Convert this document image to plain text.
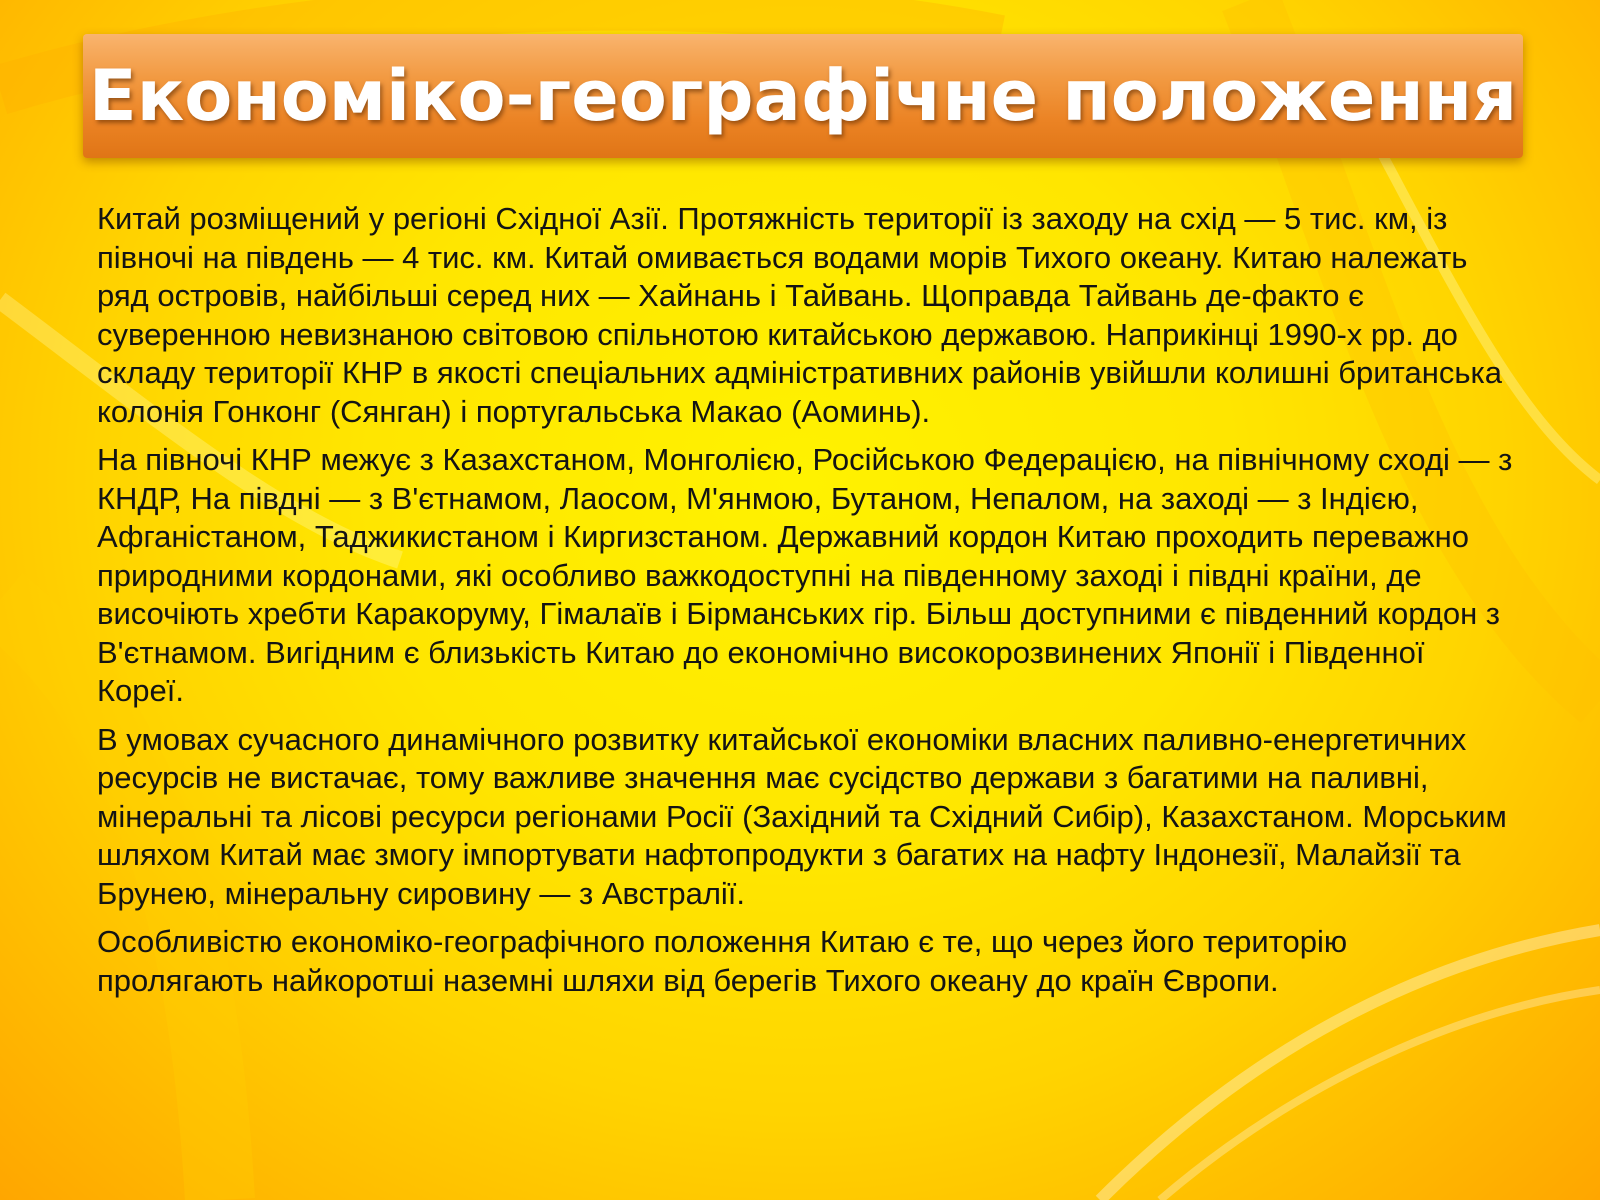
Економіко-географічне положення

Китай розміщений у регіоні Східної Азії. Протяжність території із заходу на схід — 5 тис. км, із півночі на південь — 4 тис. км. Китай омивається водами морів Тихого океану. Китаю належать ряд островів, найбільші серед них — Хайнань і Тайвань. Щоправда Тайвань де-факто є суверенною невизнаною світовою спільнотою китайською державою. Наприкінці 1990-х рр. до складу території КНР в якості спеціальних адміністративних районів увійшли колишні британська колонія Гонконг (Сянган) і португальська Макао (Аоминь).

На півночі КНР межує з Казахстаном, Монголією, Російською Федерацією, на північному сході — з КНДР, На півдні — з В'єтнамом, Лаосом, М'янмою, Бутаном, Непалом, на заході — з Індією, Афганістаном, Таджикистаном і Киргизстаном. Державний кордон Китаю проходить переважно природними кордонами, які особливо важкодоступні на південному заході і півдні країни, де височіють хребти Каракоруму, Гімалаїв і Бірманських гір. Більш доступними є південний кордон з В'єтнамом. Вигідним є близькість Китаю до економічно високорозвинених Японії і Південної Кореї.

В умовах сучасного динамічного розвитку китайської економіки власних паливно-енергетичних ресурсів не вистачає, тому важливе значення має сусідство держави з багатими на паливні, мінеральні та лісові ресурси регіонами Росії (Західний та Східний Сибір), Казахстаном. Морським шляхом Китай має змогу імпортувати нафтопродукти з багатих на нафту Індонезії, Малайзії та Брунею, мінеральну сировину — з Австралії.

Особливістю економіко-географічного положення Китаю є те, що через його територію пролягають найкоротші наземні шляхи від берегів Тихого океану до країн Європи.
